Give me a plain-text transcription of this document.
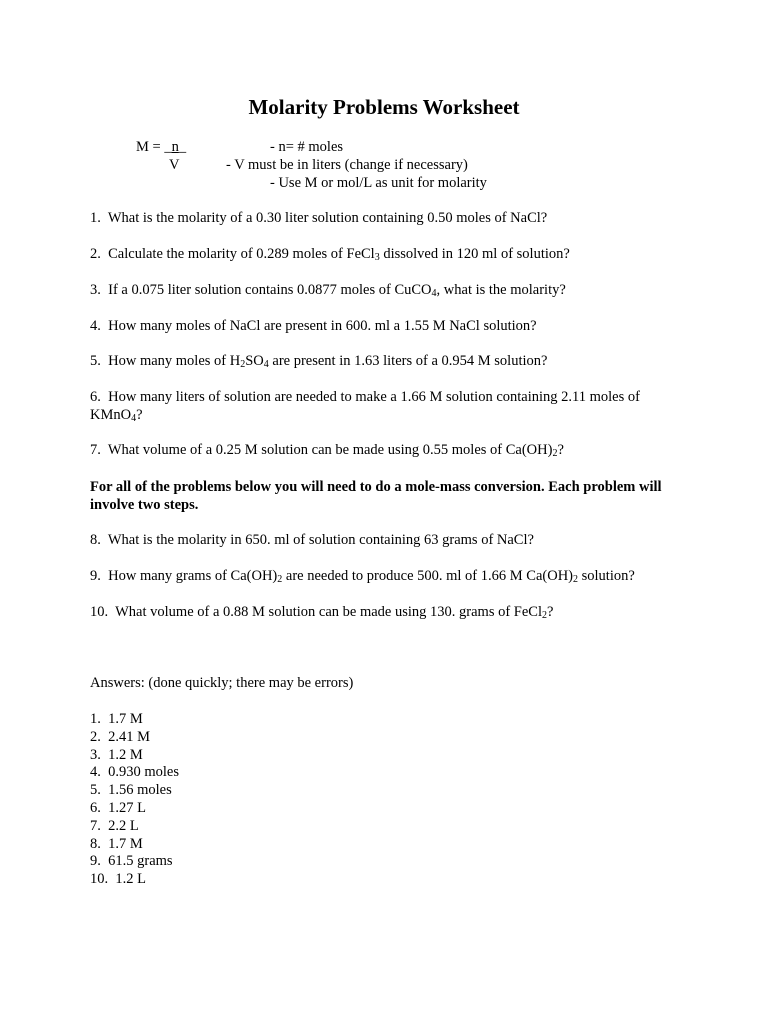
Molarity Problems Worksheet
M = _n_
V
- n= # moles
- V must be in liters (change if necessary)
- Use M or mol/L as unit for molarity
1. What is the molarity of a 0.30 liter solution containing 0.50 moles of NaCl?
2. Calculate the molarity of 0.289 moles of FeCl$_3$ dissolved in 120 ml of solution?
3. If a 0.075 liter solution contains 0.0877 moles of CuCO$_4$, what is the molarity?
4. How many moles of NaCl are present in 600. ml a 1.55 M NaCl solution?
5. How many moles of $H_2SO_4$ are present in 1.63 liters of a 0.954 M solution?
6. How many liters of solution are needed to make a 1.66 M solution containing 2.11 moles of KMnO$_4$?
7. What volume of a 0.25 M solution can be made using 0.55 moles of $Ca(OH)_2$?
For all of the problems below you will need to do a mole-mass conversion. Each problem will involve two steps.
8. What is the molarity in 650. ml of solution containing 63 grams of NaCl?
9. How many grams of $Ca(OH)_2$ are needed to produce 500. ml of 1.66 M $Ca(OH)_2$ solution?
10. What volume of a 0.88 M solution can be made using 130. grams of FeCl$_2$?
Answers: (done quickly; there may be errors)
1. 1.7 M
2. 2.41 M
3. 1.2 M
4. 0.930 moles
5. 1.56 moles
6. 1.27 L
7. 2.2 L
8. 1.7 M
9. 61.5 grams
10. 1.2 L
